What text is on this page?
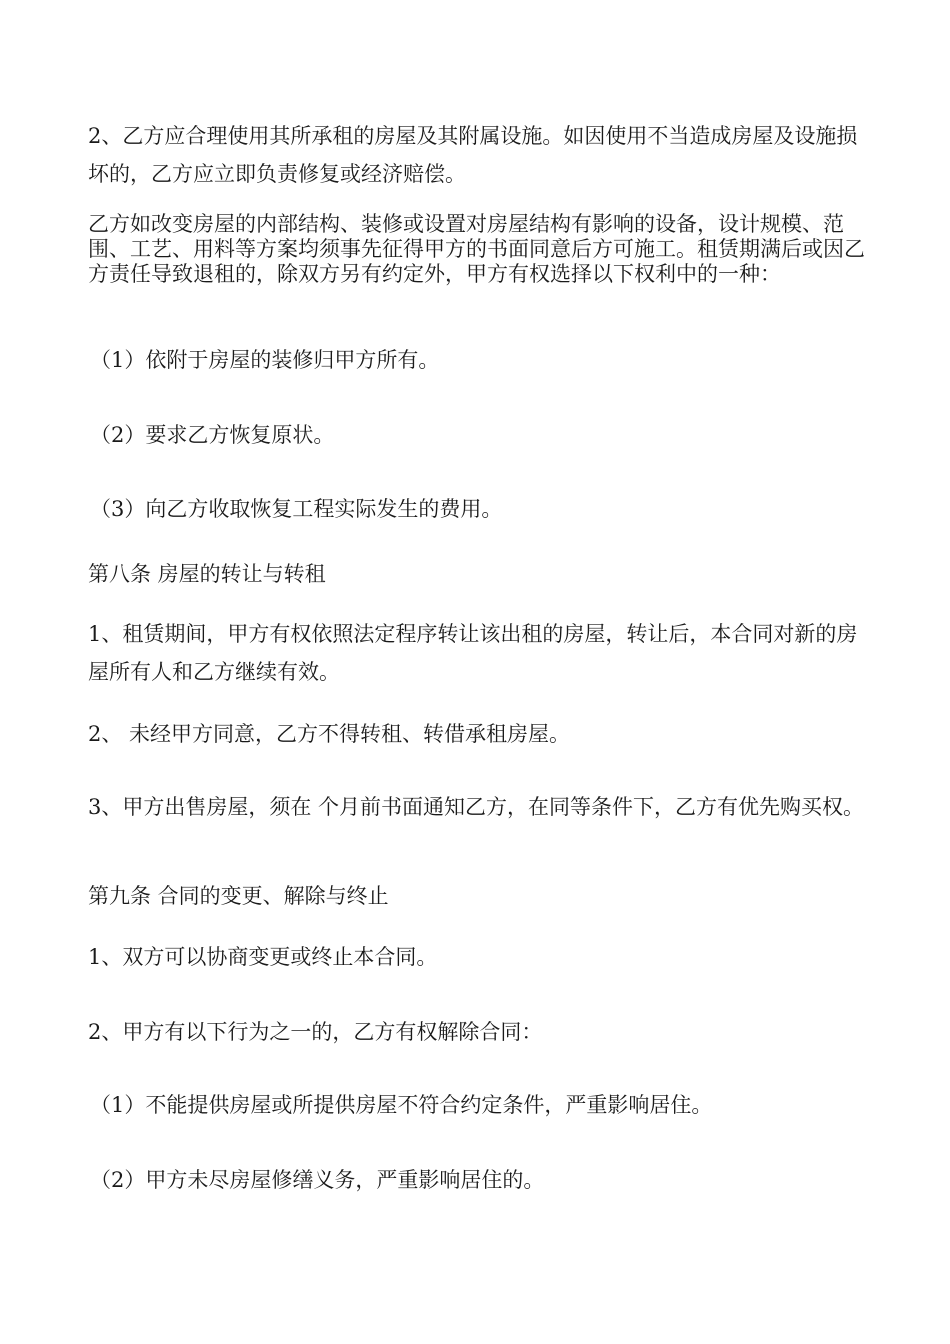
2、乙方应合理使用其所承租的房屋及其附属设施。如因使用不当造成房屋及设施损坏的，乙方应立即负责修复或经济赔偿。
乙方如改变房屋的内部结构、装修或设置对房屋结构有影响的设备，设计规模、范围、工艺、用料等方案均须事先征得甲方的书面同意后方可施工。租赁期满后或因乙方责任导致退租的，除双方另有约定外，甲方有权选择以下权利中的一种：
（1）依附于房屋的装修归甲方所有。
（2）要求乙方恢复原状。
（3）向乙方收取恢复工程实际发生的费用。
第八条 房屋的转让与转租
1、租赁期间，甲方有权依照法定程序转让该出租的房屋，转让后，本合同对新的房屋所有人和乙方继续有效。
2、 未经甲方同意，乙方不得转租、转借承租房屋。
3、甲方出售房屋，须在 个月前书面通知乙方，在同等条件下，乙方有优先购买权。
第九条 合同的变更、解除与终止
1、双方可以协商变更或终止本合同。
2、甲方有以下行为之一的，乙方有权解除合同：
（1）不能提供房屋或所提供房屋不符合约定条件，严重影响居住。
（2）甲方未尽房屋修缮义务，严重影响居住的。
